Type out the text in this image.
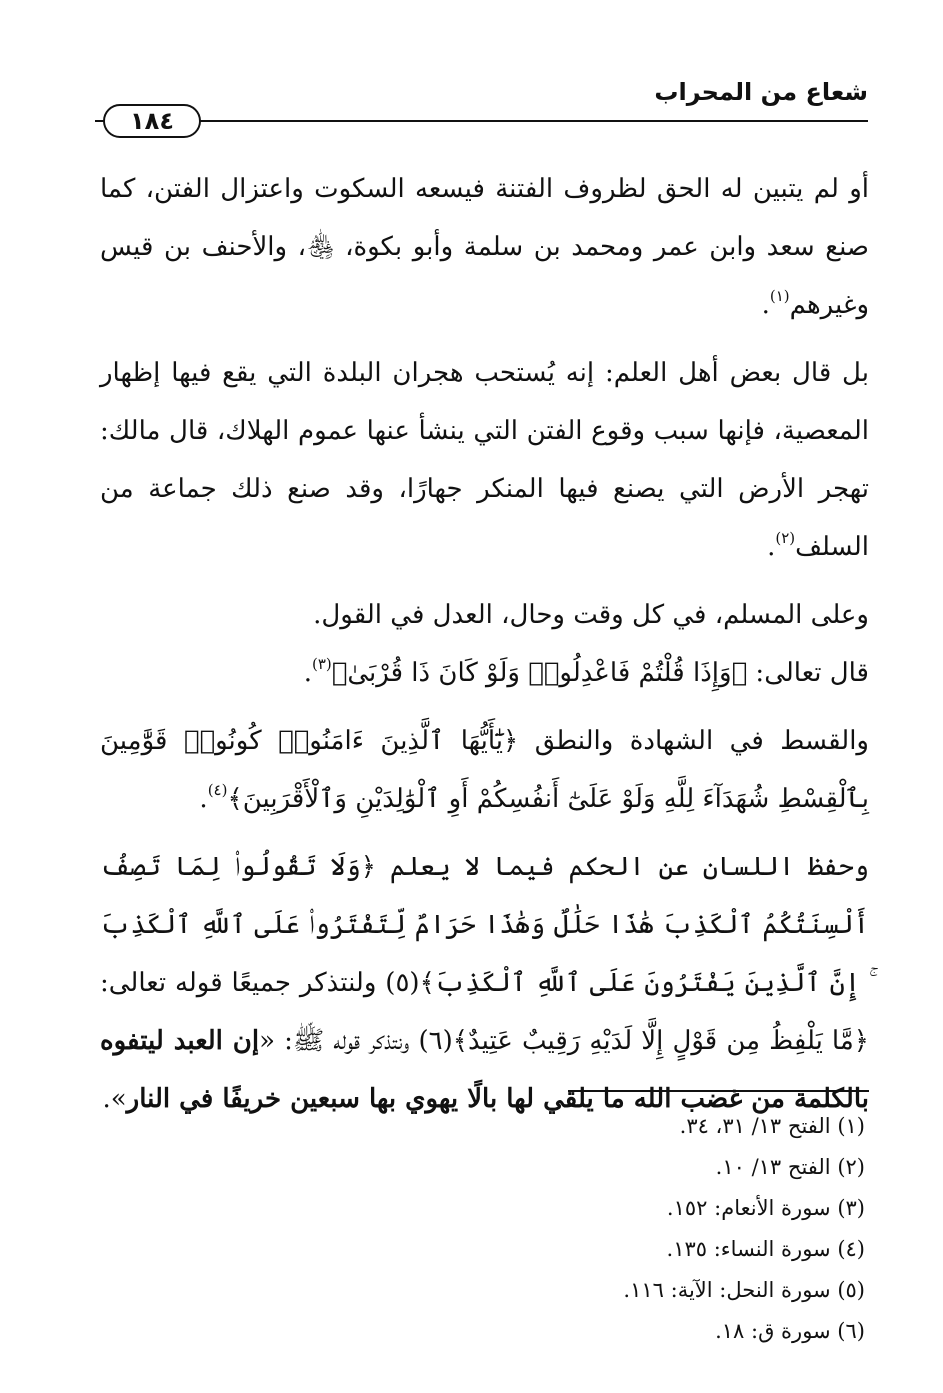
شعاع من المحراب
١٨٤

أو لم يتبين له الحق لظروف الفتنة فيسعه السكوت واعتزال الفتن، كما صنع سعد وابن عمر ومحمد بن سلمة وأبو بكوة، ﵃، والأحنف بن قيس وغيرهم$^{(١)}$.

بل قال بعض أهل العلم: إنه يُستحب هجران البلدة التي يقع فيها إظهار المعصية، فإنها سبب وقوع الفتن التي ينشأ عنها عموم الهلاك، قال مالك: تهجر الأرض التي يصنع فيها المنكر جهارًا، وقد صنع ذلك جماعة من السلف$^{(٢)}$.

وعلى المسلم، في كل وقت وحال، العدل في القول.

قال تعالى: ﴿وَإِذَا قُلْتُمْ فَاعْدِلُوا۟ وَلَوْ كَانَ ذَا قُرْبَىٰ﴾$^{(٣)}$.

والقسط في الشهادة والنطق ﴿يَٰٓأَيُّهَا ٱلَّذِينَ ءَامَنُوا۟ كُونُوا۟ قَوَّٰمِينَ بِٱلْقِسْطِ شُهَدَآءَ لِلَّهِ وَلَوْ عَلَىٰٓ أَنفُسِكُمْ أَوِ ٱلْوَٰلِدَيْنِ وَٱلْأَقْرَبِينَ﴾$^{(٤)}$.

وحفظ اللسان عن الحكم فيما لا يعلم ﴿وَلَا تَقُولُوا۟ لِمَا تَصِفُ أَلْسِنَتُكُمُ ٱلْكَذِبَ هَٰذَا حَلَٰلٌ وَهَٰذَا حَرَامٌ لِّتَفْتَرُوا۟ عَلَى ٱللَّهِ ٱلْكَذِبَ ۚ إِنَّ ٱلَّذِينَ يَفْتَرُونَ عَلَى ٱللَّهِ ٱلْكَذِبَ﴾(٥) ولنتذكر جميعًا قوله تعالى: ﴿مَّا يَلْفِظُ مِن قَوْلٍ إِلَّا لَدَيْهِ رَقِيبٌ عَتِيدٌ﴾(٦) ونتذكر قوله ﷺ: «إن العبد ليتفوه بالكلمة من غضب الله ما يلقي لها بالًا يهوي بها سبعين خريفًا في النار».

(١) الفتح ١٣/ ٣١، ٣٤.
(٢) الفتح ١٣/ ١٠.
(٣) سورة الأنعام: ١٥٢.
(٤) سورة النساء: ١٣٥.
(٥) سورة النحل: الآية: ١١٦.
(٦) سورة ق: ١٨.
